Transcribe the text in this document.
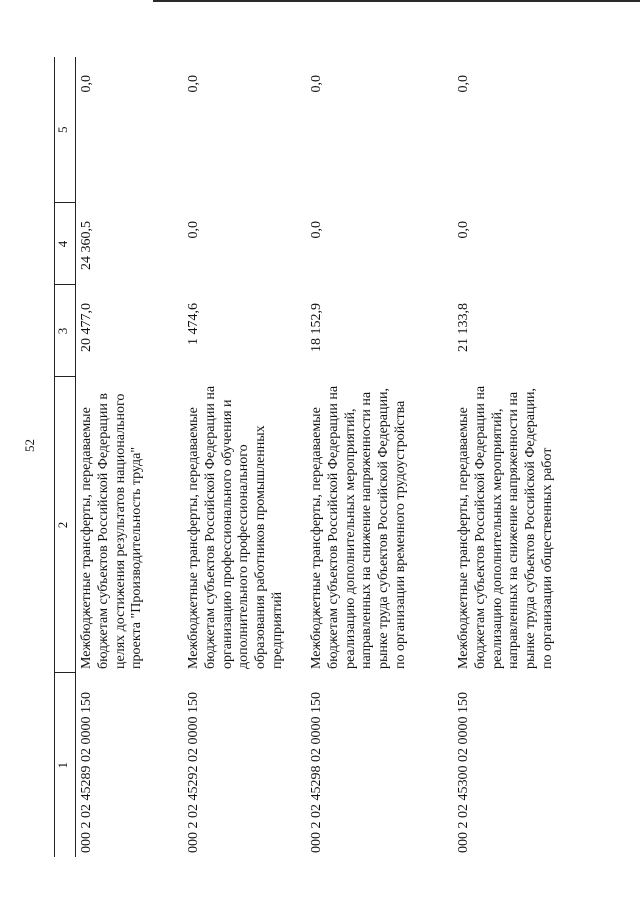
52
1	2	3	4	5
000 2 02 45289 02 0000 150	Межбюджетные трансферты, передаваемые бюджетам субъектов Российской Федерации в целях достижения результатов национального проекта "Производительность труда"	20 477,0	24 360,5	0,0
000 2 02 45292 02 0000 150	Межбюджетные трансферты, передаваемые бюджетам субъектов Российской Федерации на организацию профессионального обучения и дополнительного профессионального образования работников промышленных предприятий	1 474,6	0,0	0,0
000 2 02 45298 02 0000 150	Межбюджетные трансферты, передаваемые бюджетам субъектов Российской Федерации на реализацию дополнительных мероприятий, направленных на снижение напряженности на рынке труда субъектов Российской Федерации, по организации временного трудоустройства	18 152,9	0,0	0,0
000 2 02 45300 02 0000 150	Межбюджетные трансферты, передаваемые бюджетам субъектов Российской Федерации на реализацию дополнительных мероприятий, направленных на снижение напряженности на рынке труда субъектов Российской Федерации, по организации общественных работ	21 133,8	0,0	0,0
